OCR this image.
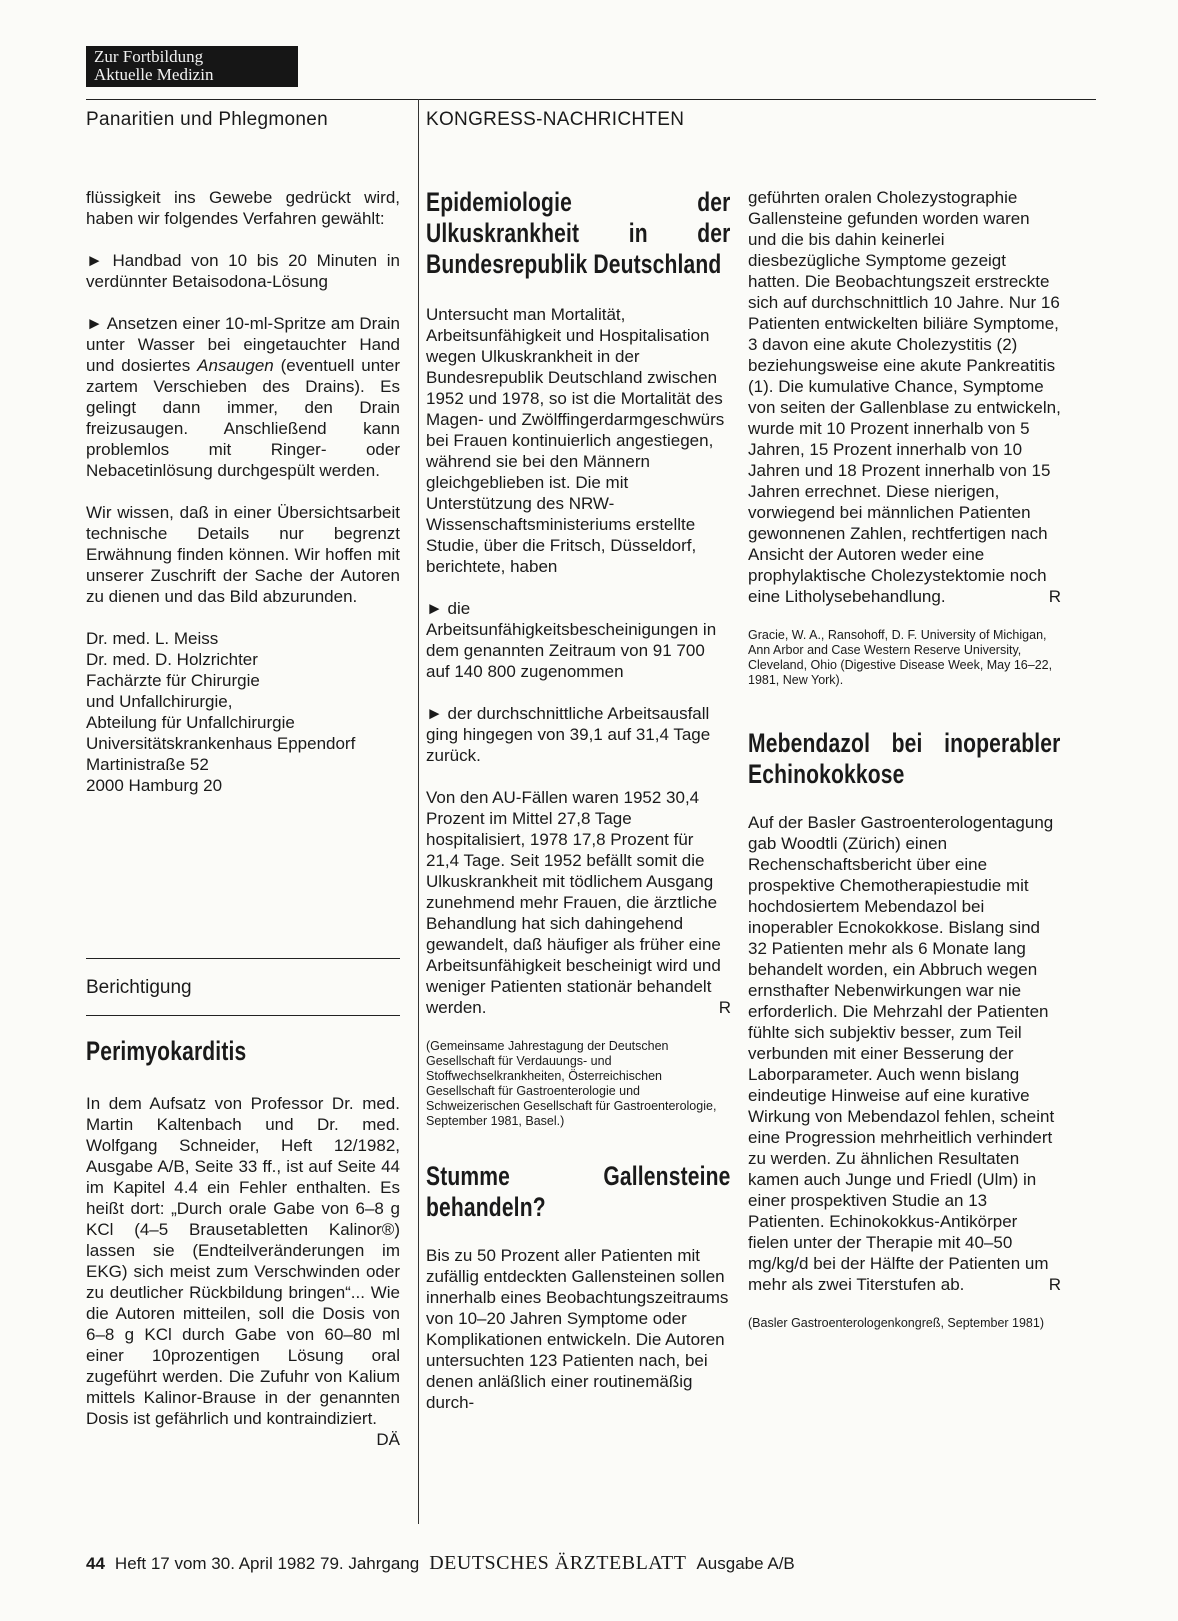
Zur Fortbildung
Aktuelle Medizin
Panaritien und Phlegmonen	KONGRESS-NACHRICHTEN

flüssigkeit ins Gewebe gedrückt wird, haben wir folgendes Verfahren gewählt:

► Handbad von 10 bis 20 Minuten in verdünnter Betaisodona-Lösung

► Ansetzen einer 10-ml-Spritze am Drain unter Wasser bei eingetauchter Hand und dosiertes Ansaugen (eventuell unter zartem Verschieben des Drains). Es gelingt dann immer, den Drain freizusaugen. Anschließend kann problemlos mit Ringer- oder Nebacetinlösung durchgespült werden.

Wir wissen, daß in einer Übersichtsarbeit technische Details nur begrenzt Erwähnung finden können. Wir hoffen mit unserer Zuschrift der Sache der Autoren zu dienen und das Bild abzurunden.

Dr. med. L. Meiss
Dr. med. D. Holzrichter
Fachärzte für Chirurgie
und Unfallchirurgie,
Abteilung für Unfallchirurgie
Universitätskrankenhaus Eppendorf
Martinistraße 52
2000 Hamburg 20
Berichtigung
Perimyokarditis

In dem Aufsatz von Professor Dr. med. Martin Kaltenbach und Dr. med. Wolfgang Schneider, Heft 12/1982, Ausgabe A/B, Seite 33 ff., ist auf Seite 44 im Kapitel 4.4 ein Fehler enthalten. Es heißt dort: „Durch orale Gabe von 6–8 g KCl (4–5 Brausetabletten Kalinor®) lassen sie (Endteilveränderungen im EKG) sich meist zum Verschwinden oder zu deutlicher Rückbildung bringen“... Wie die Autoren mitteilen, soll die Dosis von 6–8 g KCl durch Gabe von 60–80 ml einer 10prozentigen Lösung oral zugeführt werden. Die Zufuhr von Kalium mittels Kalinor-Brause in der genannten Dosis ist gefährlich und kontraindiziert.
DÄ

Epidemiologie der Ulkuskrankheit in der Bundesrepublik Deutschland

Untersucht man Mortalität, Arbeitsunfähigkeit und Hospitalisation wegen Ulkuskrankheit in der Bundesrepublik Deutschland zwischen 1952 und 1978, so ist die Mortalität des Magen- und Zwölffingerdarmgeschwürs bei Frauen kontinuierlich angestiegen, während sie bei den Männern gleichgeblieben ist. Die mit Unterstützung des NRW-Wissenschaftsministeriums erstellte Studie, über die Fritsch, Düsseldorf, berichtete, haben

► die Arbeitsunfähigkeitsbescheinigungen in dem genannten Zeitraum von 91 700 auf 140 800 zugenommen

► der durchschnittliche Arbeitsausfall ging hingegen von 39,1 auf 31,4 Tage zurück.

Von den AU-Fällen waren 1952 30,4 Prozent im Mittel 27,8 Tage hospitalisiert, 1978 17,8 Prozent für 21,4 Tage. Seit 1952 befällt somit die Ulkuskrankheit mit tödlichem Ausgang zunehmend mehr Frauen, die ärztliche Behandlung hat sich dahingehend gewandelt, daß häufiger als früher eine Arbeitsunfähigkeit bescheinigt wird und weniger Patienten stationär behandelt werden.	R

(Gemeinsame Jahrestagung der Deutschen Gesellschaft für Verdauungs- und Stoffwechselkrankheiten, Österreichischen Gesellschaft für Gastroenterologie und Schweizerischen Gesellschaft für Gastroenterologie, September 1981, Basel.)

Stumme Gallensteine behandeln?

Bis zu 50 Prozent aller Patienten mit zufällig entdeckten Gallensteinen sollen innerhalb eines Beobachtungszeitraums von 10–20 Jahren Symptome oder Komplikationen entwickeln. Die Autoren untersuchten 123 Patienten nach, bei denen anläßlich einer routinemäßig durch-

geführten oralen Cholezystographie Gallensteine gefunden worden waren und die bis dahin keinerlei diesbezügliche Symptome gezeigt hatten. Die Beobachtungszeit erstreckte sich auf durchschnittlich 10 Jahre. Nur 16 Patienten entwickelten biliäre Symptome, 3 davon eine akute Cholezystitis (2) beziehungsweise eine akute Pankreatitis (1). Die kumulative Chance, Symptome von seiten der Gallenblase zu entwickeln, wurde mit 10 Prozent innerhalb von 5 Jahren, 15 Prozent innerhalb von 10 Jahren und 18 Prozent innerhalb von 15 Jahren errechnet. Diese nierigen, vorwiegend bei männlichen Patienten gewonnenen Zahlen, rechtfertigen nach Ansicht der Autoren weder eine prophylaktische Cholezystektomie noch eine Litholysebehandlung.	R

Gracie, W. A., Ransohoff, D. F. University of Michigan, Ann Arbor and Case Western Reserve University, Cleveland, Ohio (Digestive Disease Week, May 16–22, 1981, New York).

Mebendazol bei inoperabler Echinokokkose

Auf der Basler Gastroenterologentagung gab Woodtli (Zürich) einen Rechenschaftsbericht über eine prospektive Chemotherapiestudie mit hochdosiertem Mebendazol bei inoperabler Ecnokokkose. Bislang sind 32 Patienten mehr als 6 Monate lang behandelt worden, ein Abbruch wegen ernsthafter Nebenwirkungen war nie erforderlich. Die Mehrzahl der Patienten fühlte sich subjektiv besser, zum Teil verbunden mit einer Besserung der Laborparameter. Auch wenn bislang eindeutige Hinweise auf eine kurative Wirkung von Mebendazol fehlen, scheint eine Progression mehrheitlich verhindert zu werden. Zu ähnlichen Resultaten kamen auch Junge und Friedl (Ulm) in einer prospektiven Studie an 13 Patienten. Echinokokkus-Antikörper fielen unter der Therapie mit 40–50 mg/kg/d bei der Hälfte der Patienten um mehr als zwei Titerstufen ab.	R

(Basler Gastroenterologenkongreß, September 1981)

44 Heft 17 vom 30. April 1982 79. Jahrgang DEUTSCHES ÄRZTEBLATT Ausgabe A/B
